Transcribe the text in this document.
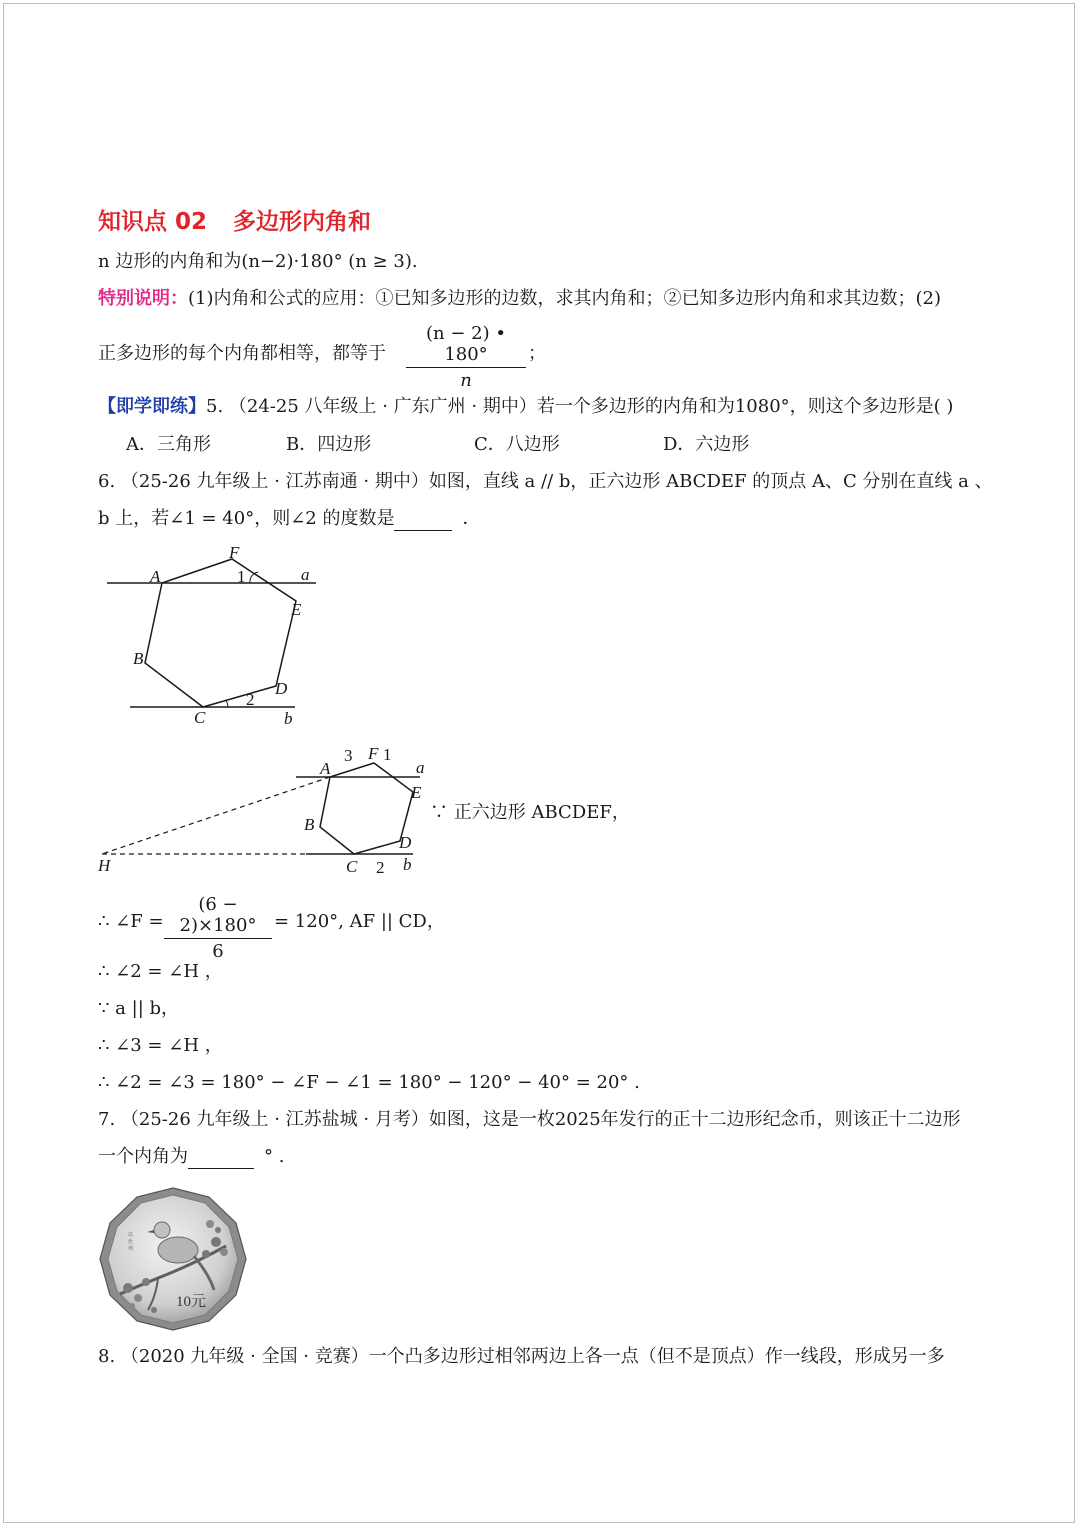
知识点 02 多边形内角和
n 边形的内角和为(n−2)·180° (n ≥ 3).
特别说明：(1)内角和公式的应用：①已知多边形的边数，求其内角和；②已知多边形内角和求其边数；(2)
正多边形的每个内角都相等，都等于
(n − 2) • 180°
n
；
【即学即练】5. （24-25 八年级上 · 广东广州 · 期中）若一个多边形的内角和为1080°，则这个多边形是( )
A．三角形	B．四边形	C．八边形	D．六边形
6. （25-26 九年级上 · 江苏南通 · 期中）如图，直线 a // b，正六边形 ABCDEF 的顶点 A、C 分别在直线 a 、
b 上，若∠1 = 40°，则∠2 的度数是	．
A
B
C
D
E
F
a
b
1
2
A
B
C
D
E
F
H
a
b
1
2
3
∵ 正六边形 ABCDEF，
∴ ∠F =
(6 − 2)×180°
6
= 120°, AF || CD，
∴ ∠2 = ∠H ，
∵ a || b，
∴ ∠3 = ∠H ，
∴ ∠2 = ∠3 = 180° − ∠F − ∠1 = 180° − 120° − 40° = 20° .
7. （25-26 九年级上 · 江苏盐城 · 月考）如图，这是一枚2025年发行的正十二边形纪念币，则该正十二边形
一个内角为	° .
10元
以
色
列
8. （2020 九年级 · 全国 · 竞赛）一个凸多边形过相邻两边上各一点（但不是顶点）作一线段，形成另一多
